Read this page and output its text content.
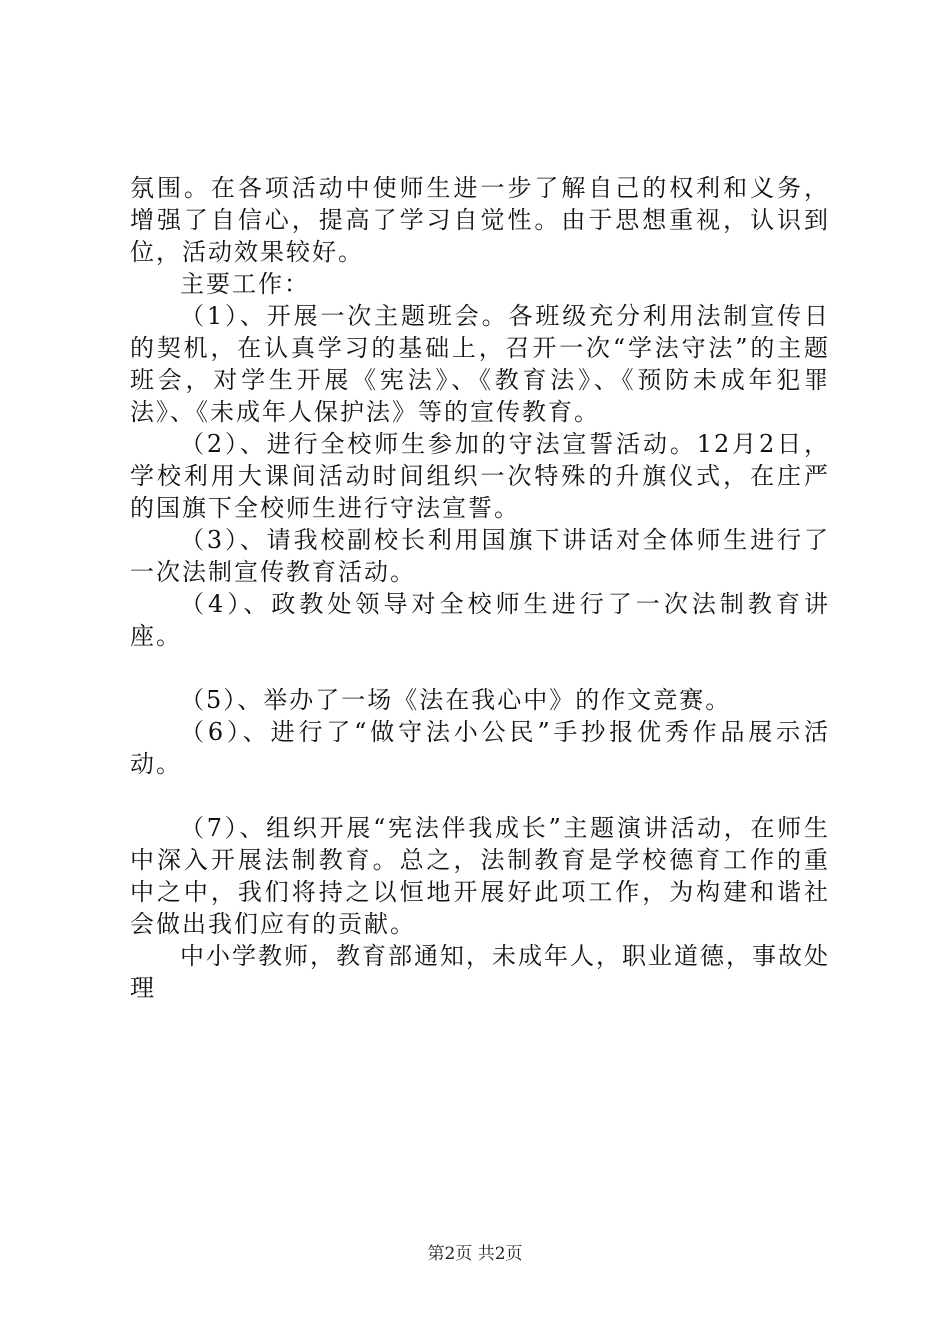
氛围。在各项活动中使师生进一步了解自己的权利和义务，增强了自信心，提高了学习自觉性。由于思想重视，认识到位，活动效果较好。

主要工作：

（1）、开展一次主题班会。各班级充分利用法制宣传日的契机，在认真学习的基础上，召开一次“学法守法”的主题班会，对学生开展《宪法》、《教育法》、《预防未成年犯罪法》、《未成年人保护法》等的宣传教育。

（2）、进行全校师生参加的守法宣誓活动。12月2日，学校利用大课间活动时间组织一次特殊的升旗仪式，在庄严的国旗下全校师生进行守法宣誓。

（3）、请我校副校长利用国旗下讲话对全体师生进行了一次法制宣传教育活动。

（4）、政教处领导对全校师生进行了一次法制教育讲座。

（5）、举办了一场《法在我心中》的作文竞赛。

（6）、进行了“做守法小公民”手抄报优秀作品展示活动。

（7）、组织开展“宪法伴我成长”主题演讲活动，在师生中深入开展法制教育。总之，法制教育是学校德育工作的重中之中，我们将持之以恒地开展好此项工作，为构建和谐社会做出我们应有的贡献。

中小学教师，教育部通知，未成年人，职业道德，事故处理

第2页 共2页
